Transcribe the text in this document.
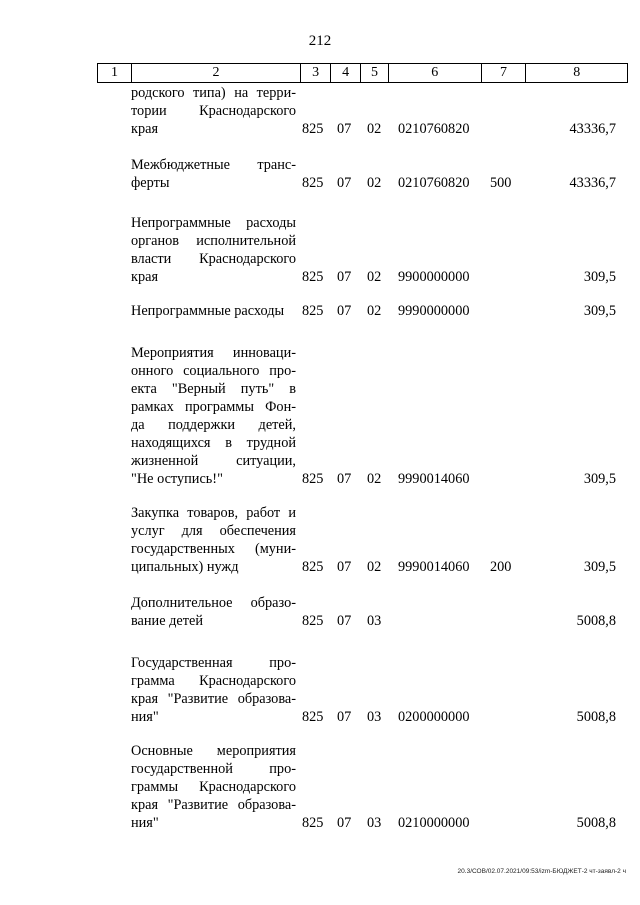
212
1	2	3	4	5	6	7	8
родского типа) на терри-
тории Краснодарского
края	825 07 02 0210760820	43336,7
Межбюджетные транс-
ферты	825 07 02 0210760820 500	43336,7
Непрограммные расходы
органов исполнительной
власти Краснодарского
края	825 07 02 9900000000	309,5
Непрограммные расходы	825 07 02 9990000000	309,5
Мероприятия инноваци-
онного социального про-
екта "Верный путь" в
рамках программы Фон-
да поддержки детей,
находящихся в трудной
жизненной ситуации,
"Не оступись!"	825 07 02 9990014060	309,5
Закупка товаров, работ и
услуг для обеспечения
государственных (муни-
ципальных) нужд	825 07 02 9990014060 200	309,5
Дополнительное образо-
вание детей	825 07 03	5008,8
Государственная про-
грамма Краснодарского
края "Развитие образова-
ния"	825 07 03 0200000000	5008,8
Основные мероприятия
государственной про-
граммы Краснодарского
края "Развитие образова-
ния"	825 07 03 0210000000	5008,8
20.3/СОВ/02.07.2021/09:53/izm-БЮДЖЕТ-2 чт-заявл-2 ч
